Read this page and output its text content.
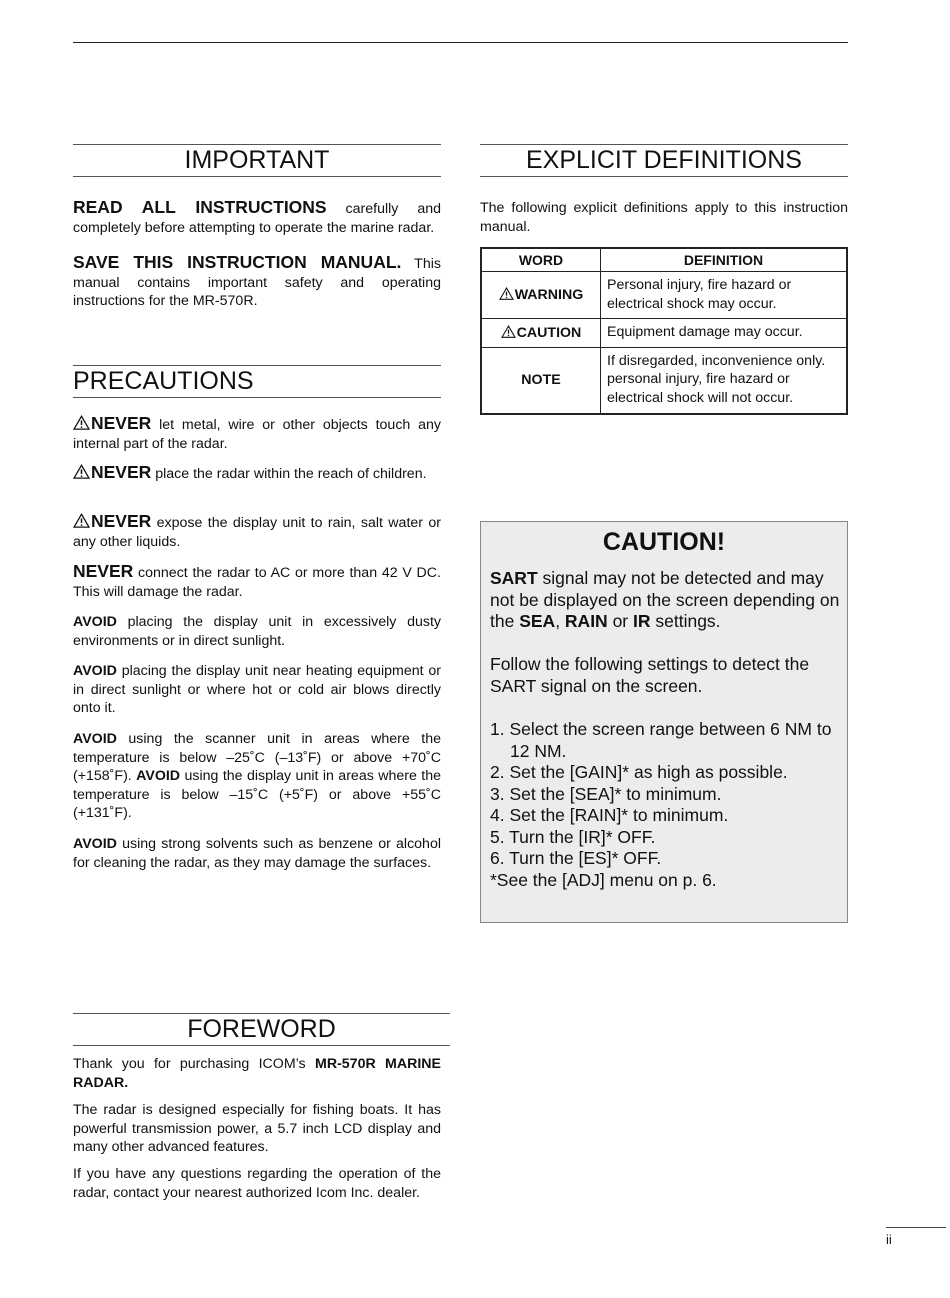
IMPORTANT
READ ALL INSTRUCTIONS carefully and completely before attempting to operate the marine radar.
SAVE THIS INSTRUCTION MANUAL. This manual contains important safety and operating instructions for the MR-570R.
PRECAUTIONS
NEVER let metal, wire or other objects touch any internal part of the radar.
NEVER place the radar within the reach of children.
NEVER expose the display unit to rain, salt water or any other liquids.
NEVER connect the radar to AC or more than 42 V DC. This will damage the radar.
AVOID placing the display unit in excessively dusty environments or in direct sunlight.
AVOID placing the display unit near heating equipment or in direct sunlight or where hot or cold air blows directly onto it.
AVOID using the scanner unit in areas where the temperature is below –25˚C (–13˚F) or above +70˚C (+158˚F). AVOID using the display unit in areas where the temperature is below –15˚C (+5˚F) or above +55˚C (+131˚F).
AVOID using strong solvents such as benzene or alcohol for cleaning the radar, as they may damage the surfaces.
FOREWORD
Thank you for purchasing ICOM’s MR-570R MARINE RADAR.
The radar is designed especially for fishing boats. It has powerful transmission power, a 5.7 inch LCD display and many other advanced features.
If you have any questions regarding the operation of the radar, contact your nearest authorized Icom Inc. dealer.
EXPLICIT DEFINITIONS
The following explicit definitions apply to this instruction manual.
WORD	DEFINITION
WARNING	Personal injury, fire hazard or electrical shock may occur.
CAUTION	Equipment damage may occur.
NOTE	If disregarded, inconvenience only. personal injury, fire hazard or electrical shock will not occur.
CAUTION!
SART signal may not be detected and may not be displayed on the screen depending on the SEA, RAIN or IR settings.
Follow the following settings to detect the SART signal on the screen.
1. Select the screen range between 6 NM to 12 NM.
2. Set the [GAIN]* as high as possible.
3. Set the [SEA]* to minimum.
4. Set the [RAIN]* to minimum.
5. Turn the [IR]* OFF.
6. Turn the [ES]* OFF.
*See the [ADJ] menu on p. 6.
ii
